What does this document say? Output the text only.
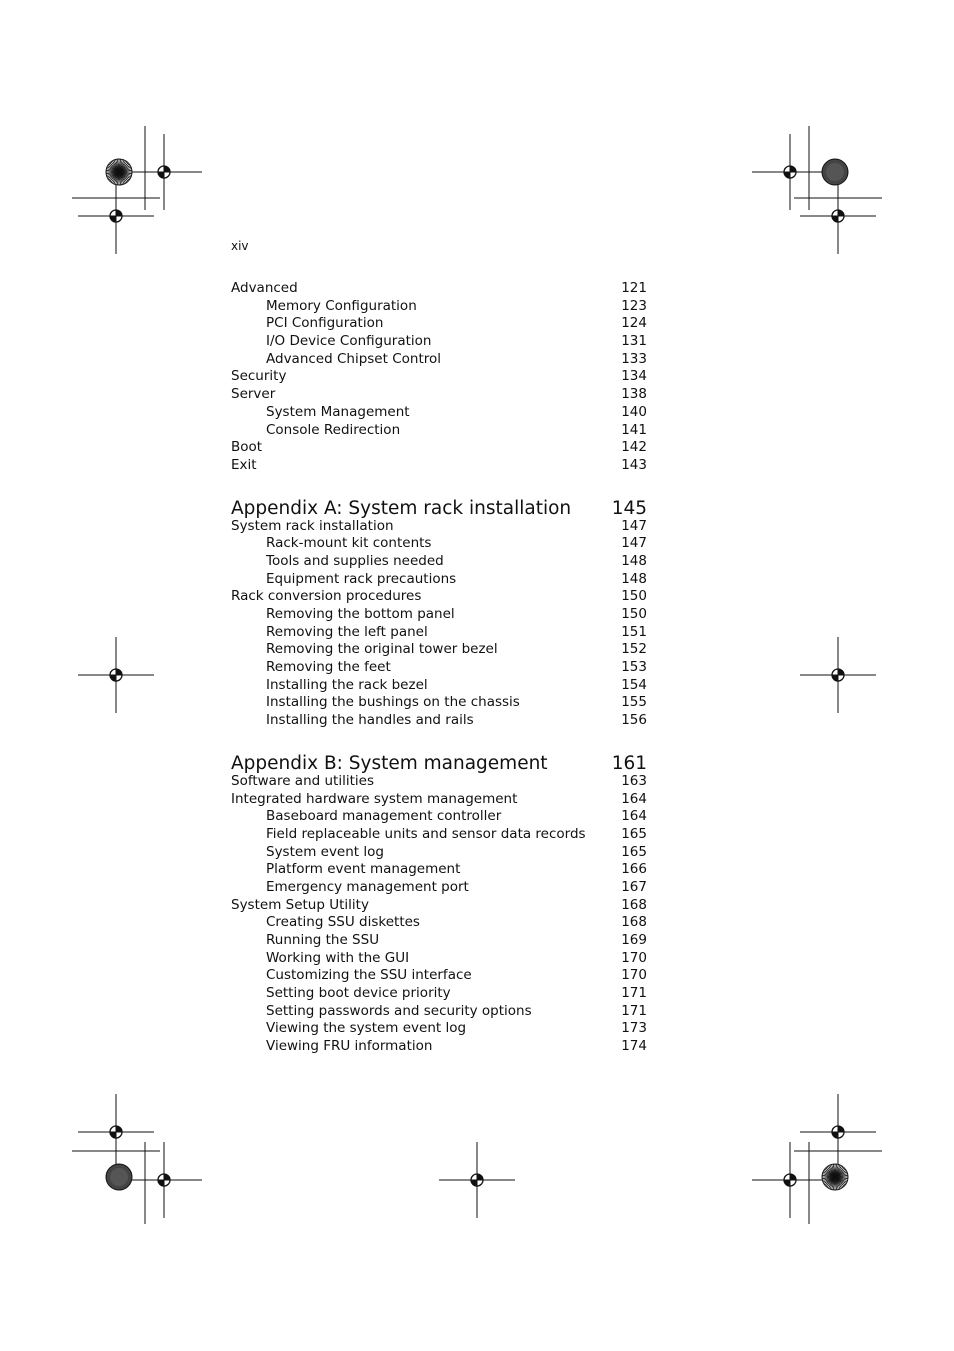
xiv
Advanced	121
Memory Configuration	123
PCI Configuration	124
I/O Device Configuration	131
Advanced Chipset Control	133
Security	134
Server	138
System Management	140
Console Redirection	141
Boot	142
Exit	143
Appendix A: System rack installation 145
System rack installation	147
Rack-mount kit contents	147
Tools and supplies needed	148
Equipment rack precautions	148
Rack conversion procedures	150
Removing the bottom panel	150
Removing the left panel	151
Removing the original tower bezel	152
Removing the feet	153
Installing the rack bezel	154
Installing the bushings on the chassis	155
Installing the handles and rails	156
Appendix B: System management	161
Software and utilities	163
Integrated hardware system management	164
Baseboard management controller	164
Field replaceable units and sensor data records	165
System event log	165
Platform event management	166
Emergency management port	167
System Setup Utility	168
Creating SSU diskettes	168
Running the SSU	169
Working with the GUI	170
Customizing the SSU interface	170
Setting boot device priority	171
Setting passwords and security options	171
Viewing the system event log	173
Viewing FRU information	174
